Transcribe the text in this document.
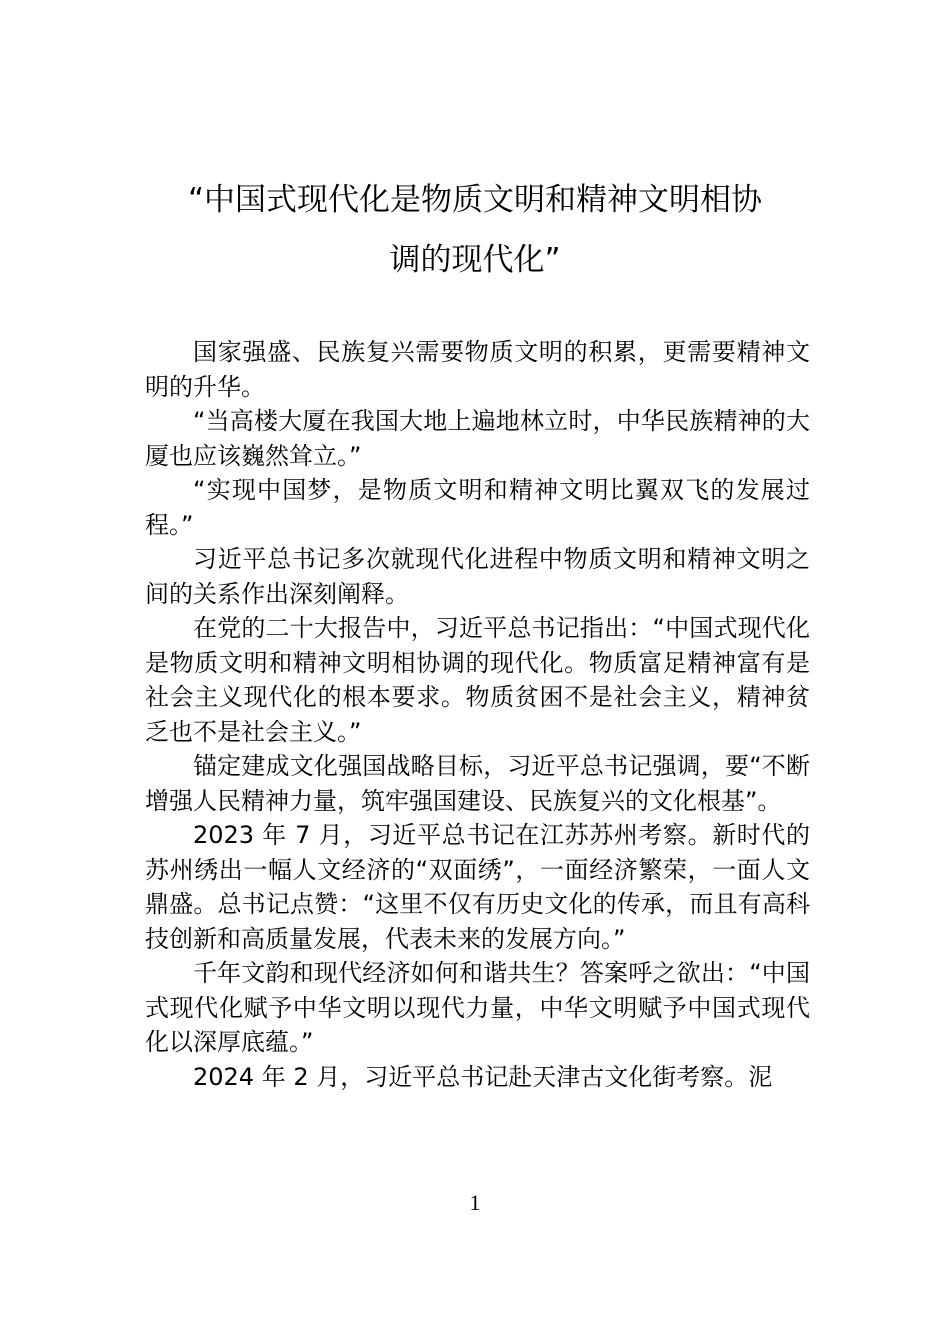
“中国式现代化是物质文明和精神文明相协
调的现代化”

国家强盛、民族复兴需要物质文明的积累，更需要精神文明的升华。

“当高楼大厦在我国大地上遍地林立时，中华民族精神的大厦也应该巍然耸立。”

“实现中国梦，是物质文明和精神文明比翼双飞的发展过程。”

习近平总书记多次就现代化进程中物质文明和精神文明之间的关系作出深刻阐释。

在党的二十大报告中，习近平总书记指出：“中国式现代化是物质文明和精神文明相协调的现代化。物质富足精神富有是社会主义现代化的根本要求。物质贫困不是社会主义，精神贫乏也不是社会主义。”

锚定建成文化强国战略目标，习近平总书记强调，要“不断增强人民精神力量，筑牢强国建设、民族复兴的文化根基”。

2023 年 7 月，习近平总书记在江苏苏州考察。新时代的苏州绣出一幅人文经济的“双面绣”，一面经济繁荣，一面人文鼎盛。总书记点赞：“这里不仅有历史文化的传承，而且有高科技创新和高质量发展，代表未来的发展方向。”

千年文韵和现代经济如何和谐共生？答案呼之欲出：“中国式现代化赋予中华文明以现代力量，中华文明赋予中国式现代化以深厚底蕴。”

2024 年 2 月，习近平总书记赴天津古文化街考察。泥

1
